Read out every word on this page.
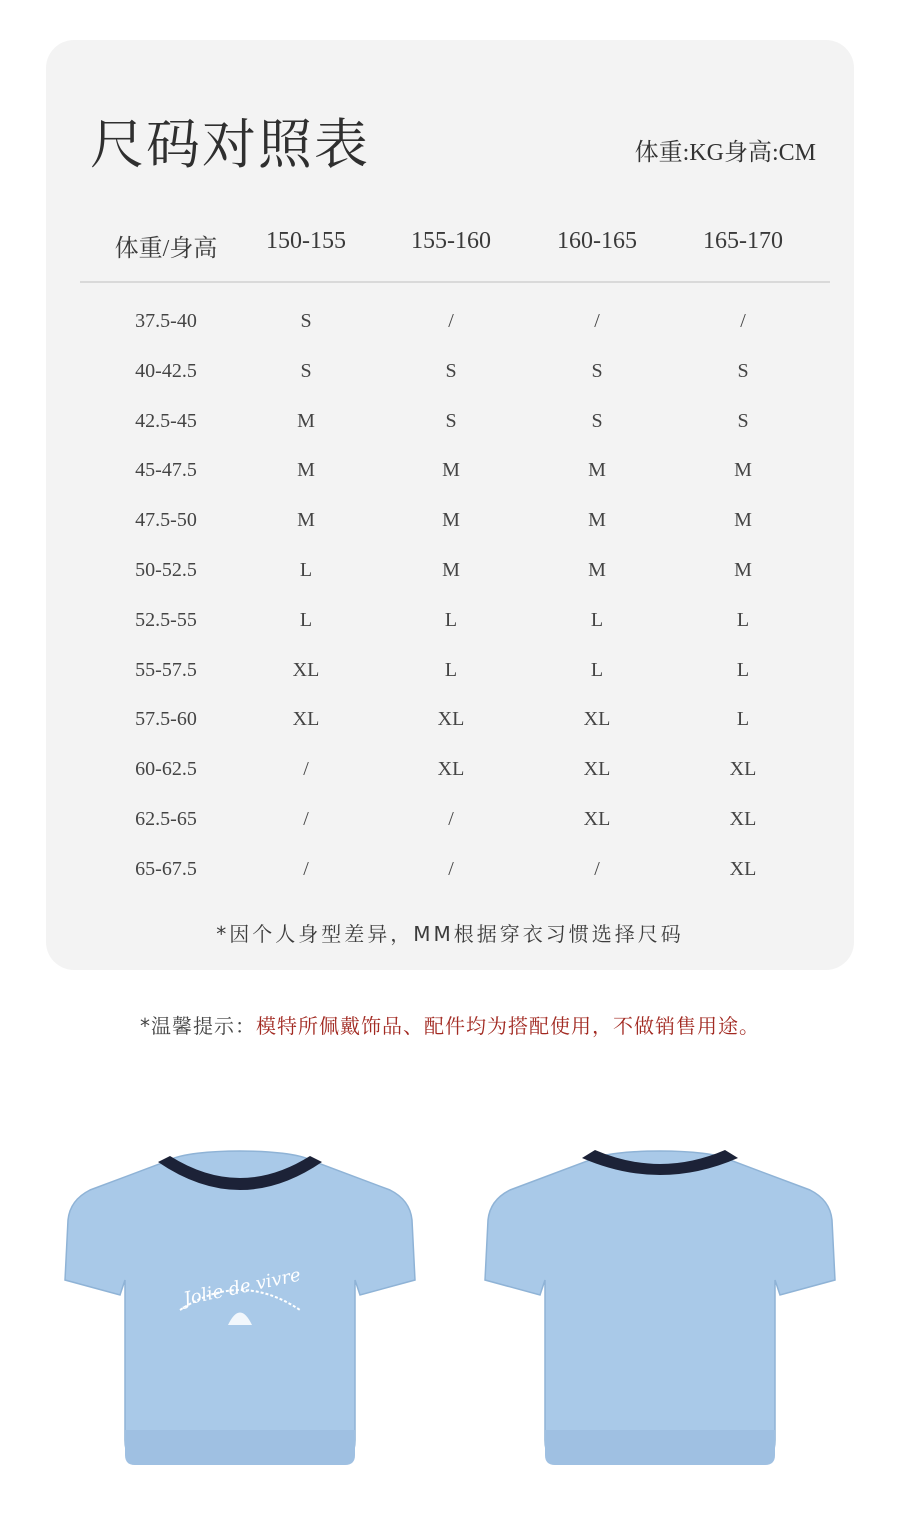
尺码对照表	体重:KG身高:CM
体重/身高 150-155	155-160	160-165	165-170
37.5-40	S	/	/	/
40-42.5	S	S	S	S
42.5-45	M	S	S	S
45-47.5	M	M	M	M
47.5-50	M	M	M	M
50-52.5	L	M	M	M
52.5-55	L	L	L	L
55-57.5	XL	L	L	L
57.5-60	XL	XL	XL	L
60-62.5	/	XL	XL	XL
62.5-65	/	/	XL	XL
65-67.5	/	/	/	XL
*因个人身型差异，MM根据穿衣习惯选择尺码
*温馨提示：模特所佩戴饰品、配件均为搭配使用，不做销售用途。
Jolie de vivre
